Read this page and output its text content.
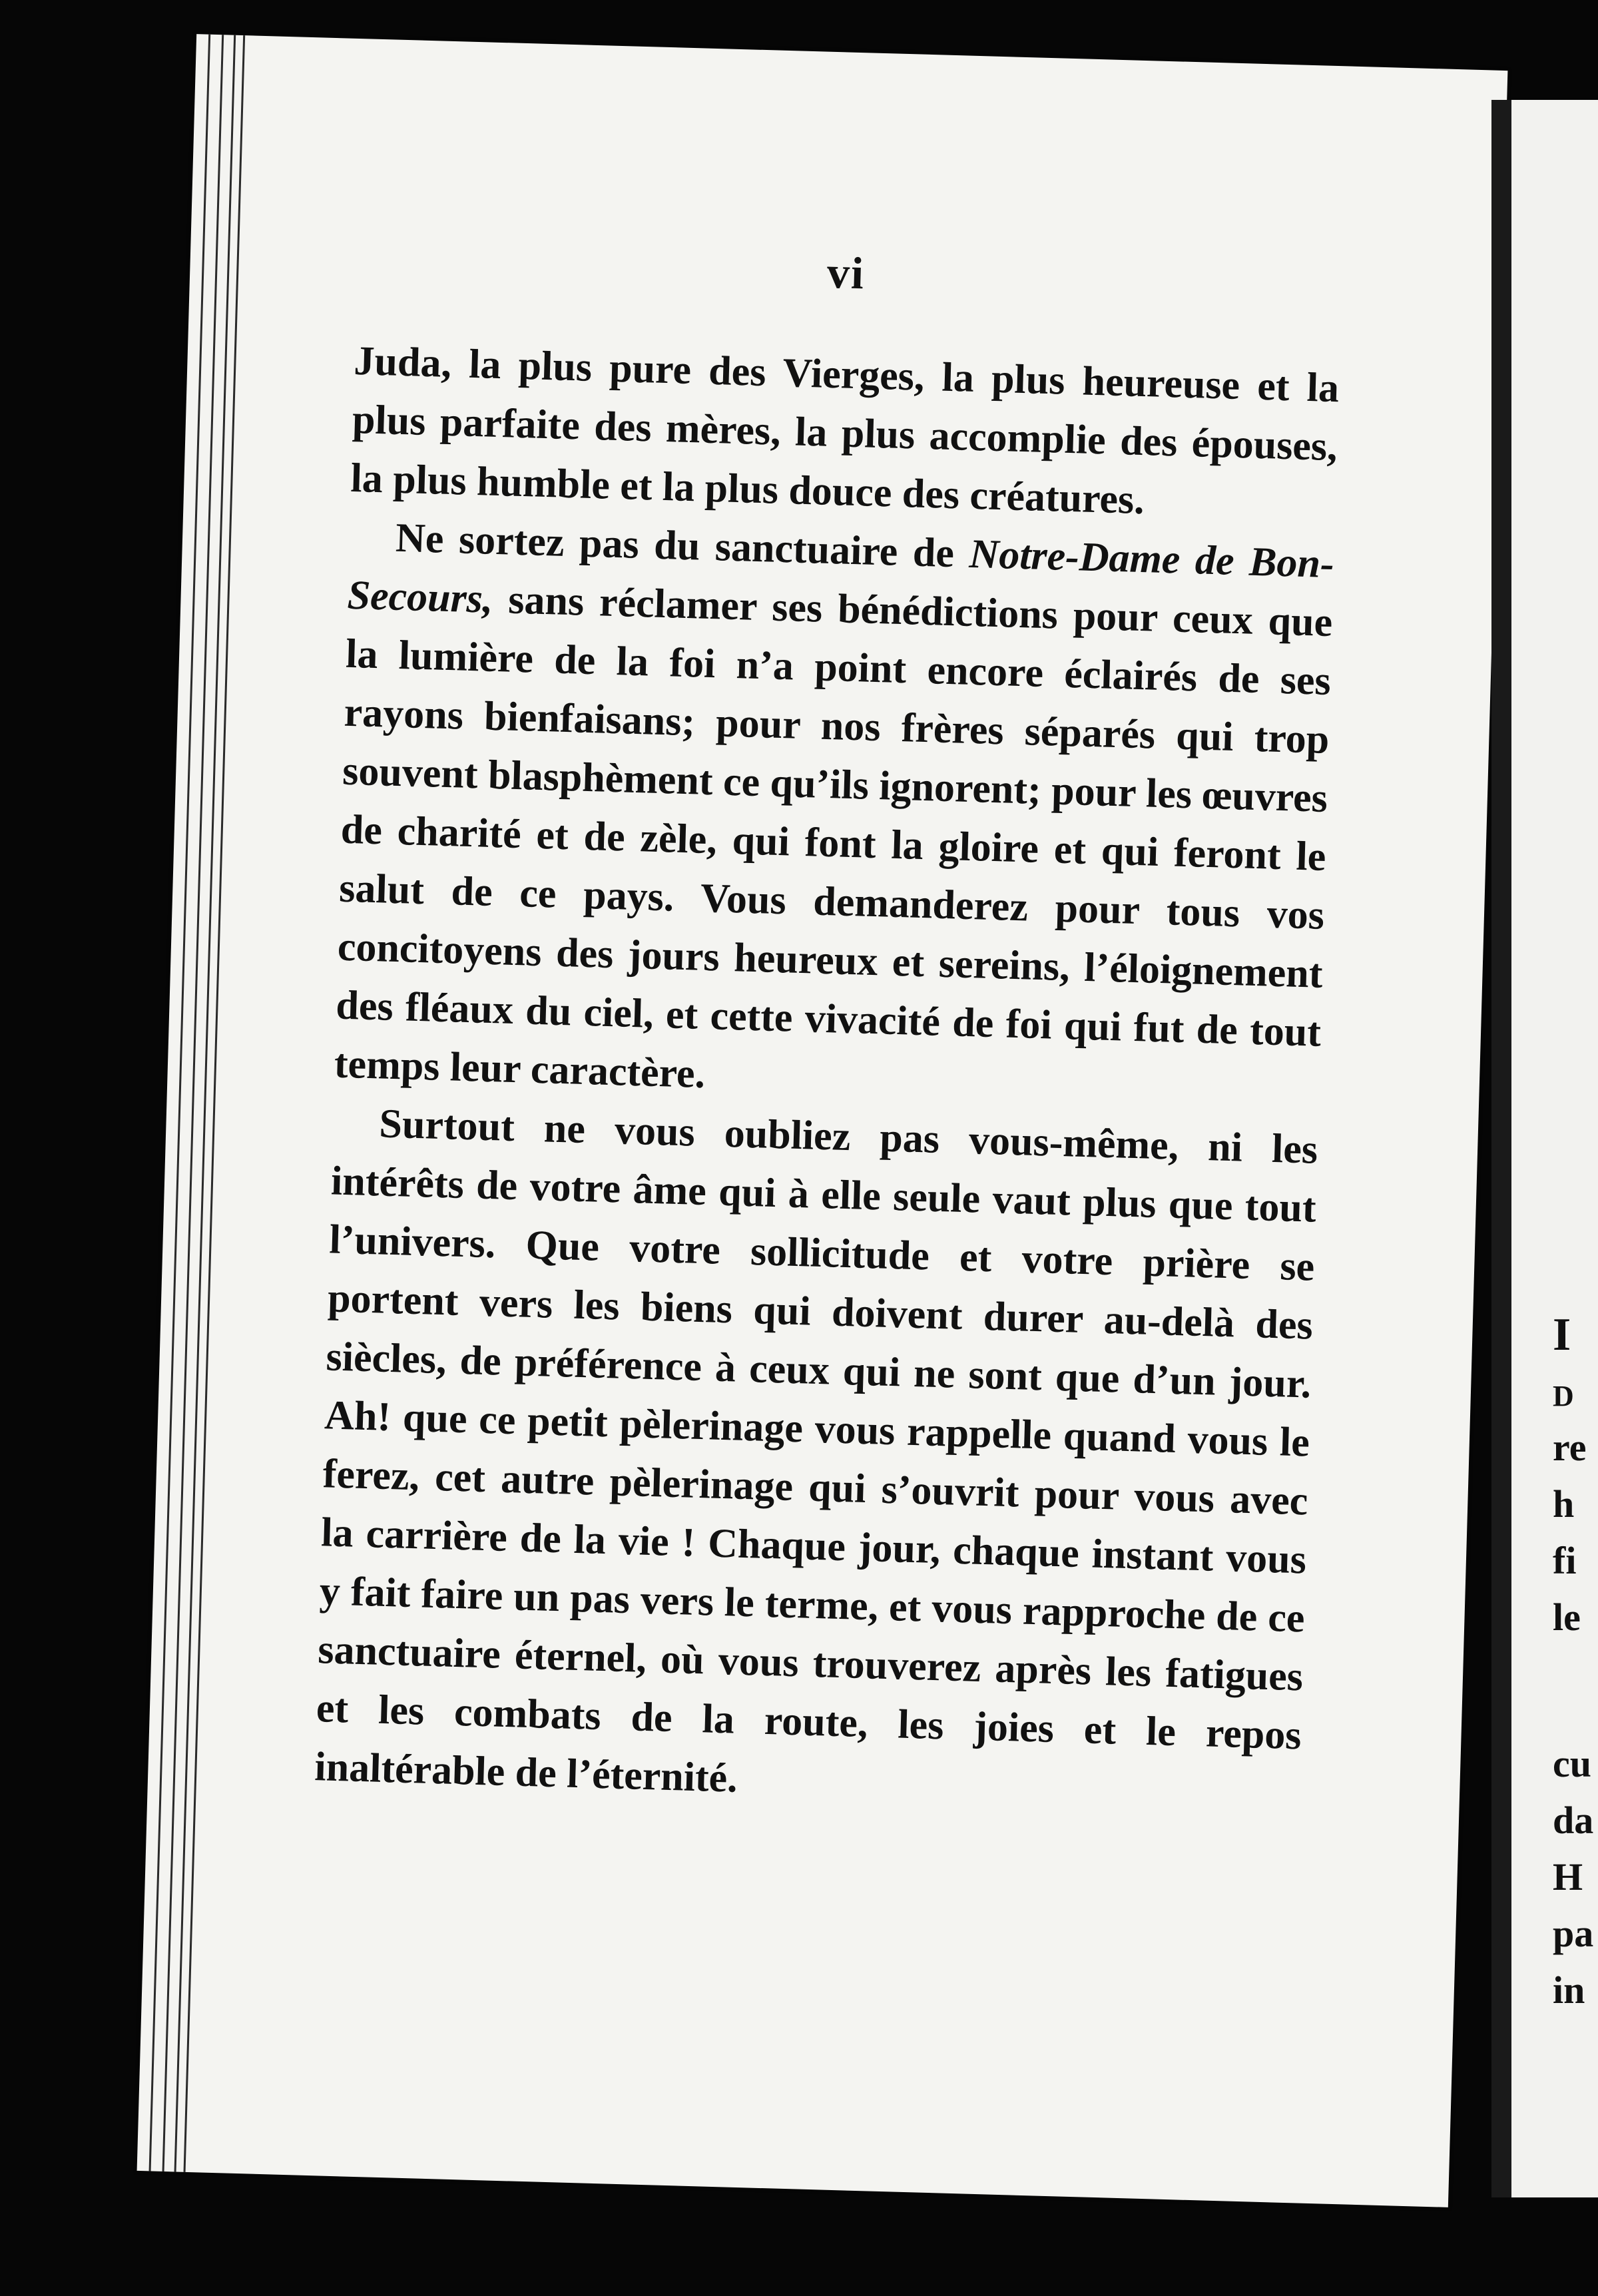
vi

Juda, la plus pure des Vierges, la plus heureuse et la plus parfaite des mères, la plus accomplie des épouses, la plus humble et la plus douce des créatures.

Ne sortez pas du sanctuaire de Notre-Dame de Bon-Secours, sans réclamer ses bénédictions pour ceux que la lumière de la foi n’a point encore éclairés de ses rayons bienfaisans; pour nos frères séparés qui trop souvent blasphèment ce qu’ils ignorent; pour les œuvres de charité et de zèle, qui font la gloire et qui feront le salut de ce pays. Vous demanderez pour tous vos concitoyens des jours heureux et sereins, l’éloignement des fléaux du ciel, et cette vivacité de foi qui fut de tout temps leur caractère.

Surtout ne vous oubliez pas vous-même, ni les intérêts de votre âme qui à elle seule vaut plus que tout l’univers. Que votre sollicitude et votre prière se portent vers les biens qui doivent durer au-delà des siècles, de préférence à ceux qui ne sont que d’un jour. Ah! que ce petit pèlerinage vous rappelle quand vous le ferez, cet autre pèlerinage qui s’ouvrit pour vous avec la carrière de la vie ! Chaque jour, chaque instant vous y fait faire un pas vers le terme, et vous rapproche de ce sanctuaire éternel, où vous trouverez après les fatigues et les combats de la route, les joies et le repos inaltérable de l’éternité.

I
D
re
h
fi
le
cu
da
H
pa
in
